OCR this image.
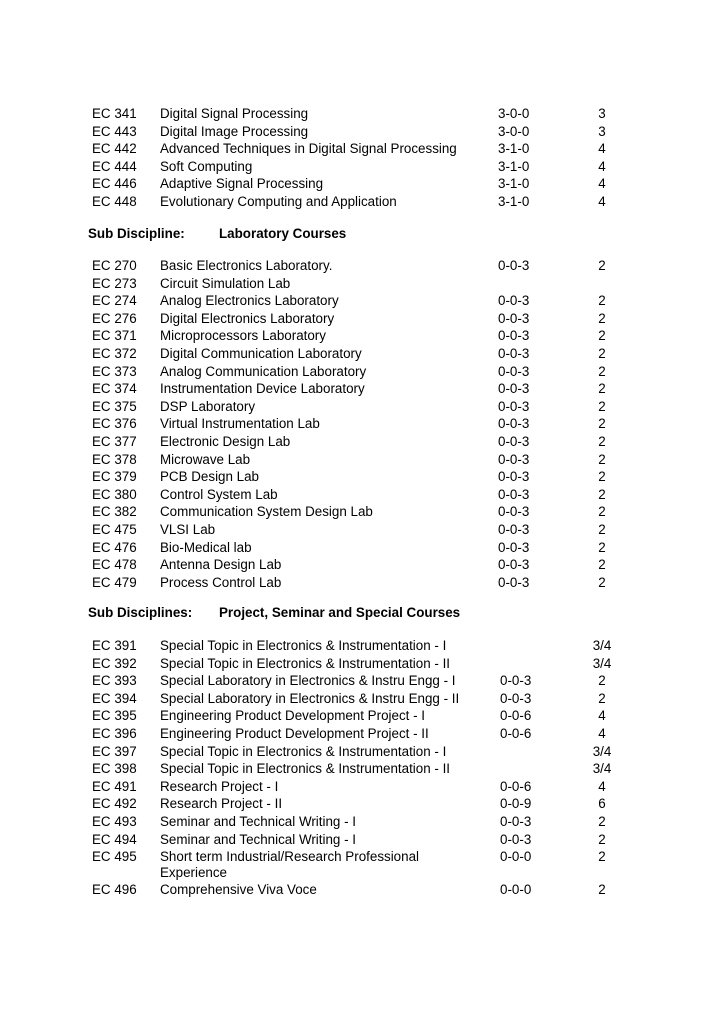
EC 341 Digital Signal Processing	3-0-0	3
EC 443 Digital Image Processing	3-0-0	3
EC 442 Advanced Techniques in Digital Signal Processing	3-1-0	4
EC 444 Soft Computing	3-1-0	4
EC 446 Adaptive Signal Processing	3-1-0	4
EC 448 Evolutionary Computing and Application	3-1-0	4
Sub Discipline:	Laboratory Courses
EC 270 Basic Electronics Laboratory.	0-0-3	2
EC 273 Circuit Simulation Lab
EC 274 Analog Electronics Laboratory	0-0-3	2
EC 276 Digital Electronics Laboratory	0-0-3	2
EC 371 Microprocessors Laboratory	0-0-3	2
EC 372 Digital Communication Laboratory	0-0-3	2
EC 373 Analog Communication Laboratory	0-0-3	2
EC 374 Instrumentation Device Laboratory	0-0-3	2
EC 375 DSP Laboratory	0-0-3	2
EC 376 Virtual Instrumentation Lab	0-0-3	2
EC 377 Electronic Design Lab	0-0-3	2
EC 378 Microwave Lab	0-0-3	2
EC 379 PCB Design Lab	0-0-3	2
EC 380 Control System Lab	0-0-3	2
EC 382 Communication System Design Lab	0-0-3	2
EC 475 VLSI Lab	0-0-3	2
EC 476 Bio-Medical lab	0-0-3	2
EC 478 Antenna Design Lab	0-0-3	2
EC 479 Process Control Lab	0-0-3	2
Sub Disciplines: Project, Seminar and Special Courses
EC 391 Special Topic in Electronics & Instrumentation - I	3/4
EC 392 Special Topic in Electronics & Instrumentation - II	3/4
EC 393 Special Laboratory in Electronics & Instru Engg - I	0-0-3	2
EC 394 Special Laboratory in Electronics & Instru Engg - II	0-0-3	2
EC 395 Engineering Product Development Project - I	0-0-6	4
EC 396 Engineering Product Development Project - II	0-0-6	4
EC 397 Special Topic in Electronics & Instrumentation - I	3/4
EC 398 Special Topic in Electronics & Instrumentation - II	3/4
EC 491 Research Project - I	0-0-6	4
EC 492 Research Project - II	0-0-9	6
EC 493 Seminar and Technical Writing - I	0-0-3	2
EC 494 Seminar and Technical Writing - I	0-0-3	2
EC 495 Short term Industrial/Research Professional	0-0-0	2
Experience
EC 496 Comprehensive Viva Voce	0-0-0	2
